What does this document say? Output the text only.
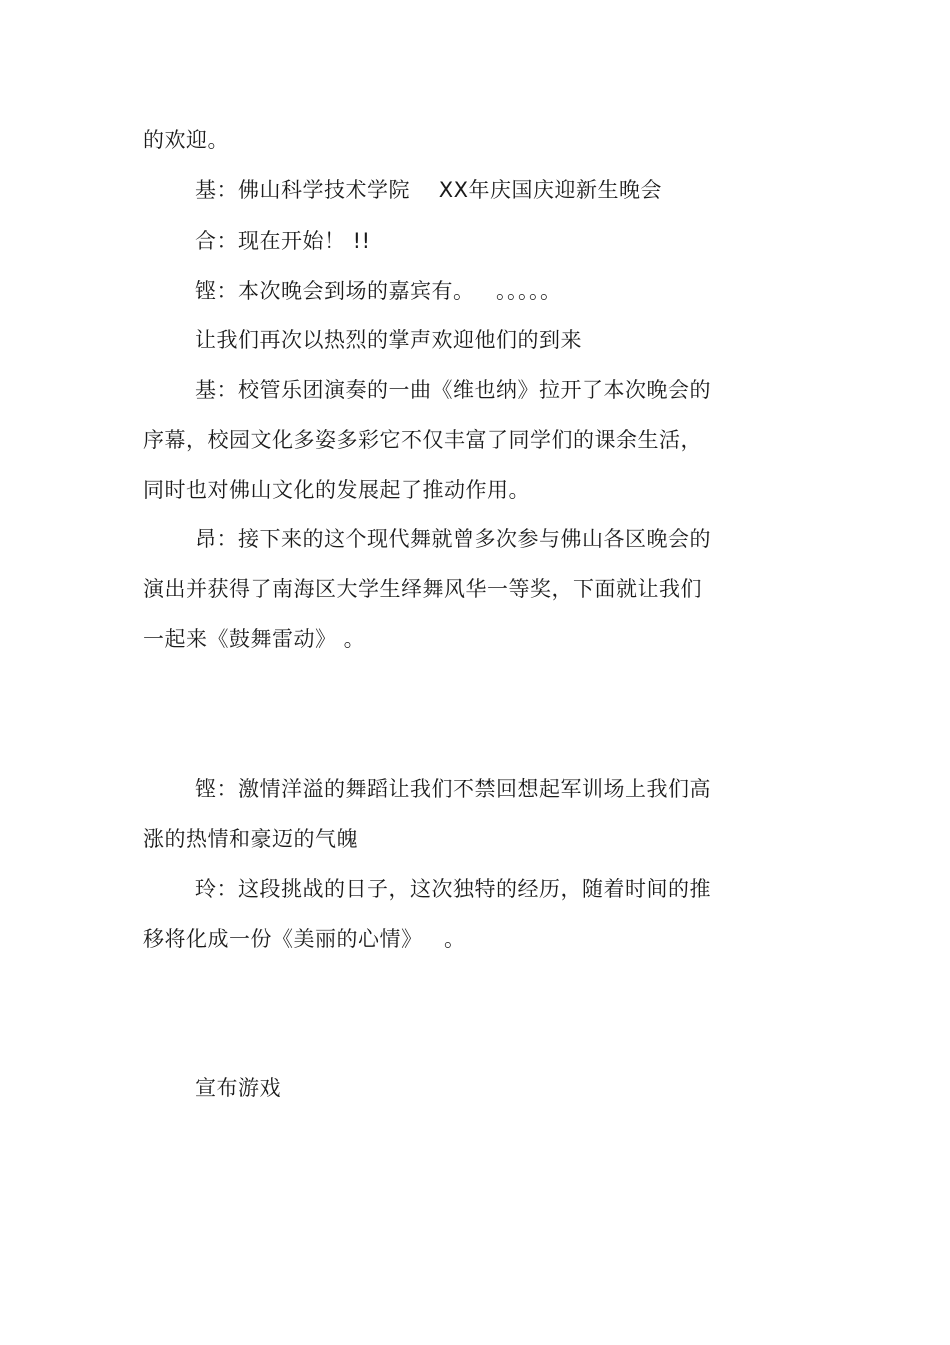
的欢迎。
基：佛山科学技术学院    XX年庆国庆迎新生晚会
合：现在开始！ !!
铿：本次晚会到场的嘉宾有。   。。。。。
让我们再次以热烈的掌声欢迎他们的到来
基：校管乐团演奏的一曲《维也纳》拉开了本次晚会的
序幕，校园文化多姿多彩它不仅丰富了同学们的课余生活，
同时也对佛山文化的发展起了推动作用。
昂：接下来的这个现代舞就曾多次参与佛山各区晚会的
演出并获得了南海区大学生绎舞风华一等奖，下面就让我们
一起来《鼓舞雷动》 。
铿：激情洋溢的舞蹈让我们不禁回想起军训场上我们高
涨的热情和豪迈的气魄
玲：这段挑战的日子，这次独特的经历，随着时间的推
移将化成一份《美丽的心情》   。
宣布游戏
